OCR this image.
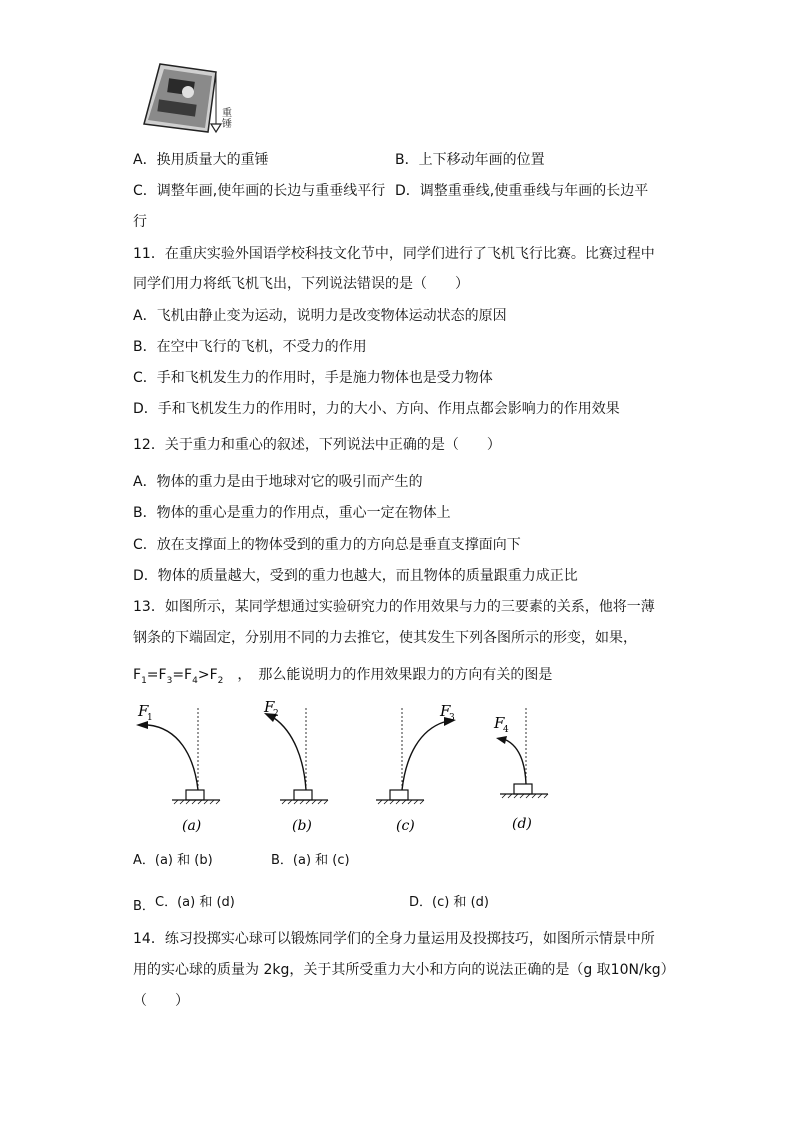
重锤
A．换用质量大的重锤	B．上下移动年画的位置
C．调整年画,使年画的长边与重垂线平行 D．调整重垂线,使重垂线与年画的长边平
行
11．在重庆实验外国语学校科技文化节中，同学们进行了飞机飞行比赛。比赛过程中
同学们用力将纸飞机飞出，下列说法错误的是（　　）
A．飞机由静止变为运动，说明力是改变物体运动状态的原因
B．在空中飞行的飞机，不受力的作用
C．手和飞机发生力的作用时，手是施力物体也是受力物体
D．手和飞机发生力的作用时，力的大小、方向、作用点都会影响力的作用效果
12．关于重力和重心的叙述，下列说法中正确的是（　　）
A．物体的重力是由于地球对它的吸引而产生的
B．物体的重心是重力的作用点，重心一定在物体上
C．放在支撑面上的物体受到的重力的方向总是垂直支撑面向下
D．物体的质量越大，受到的重力也越大，而且物体的质量跟重力成正比
13．如图所示，某同学想通过实验研究力的作用效果与力的三要素的关系，他将一薄
钢条的下端固定，分别用不同的力去推它，使其发生下列各图所示的形变，如果，
$F_1=F_3=F_4>F_2$　，　那么能说明力的作用效果跟力的方向有关的图是
F
1
(a)
F
2
(b)
F
3
(c)
F
4
(d)
A．(a) 和 (b)	B．(a) 和 (c)
B． C．(a) 和 (d)	D．(c) 和 (d)
14．练习投掷实心球可以锻炼同学们的全身力量运用及投掷技巧，如图所示情景中所
用的实心球的质量为 2kg，关于其所受重力大小和方向的说法正确的是（g 取10N/kg）
（　　）
